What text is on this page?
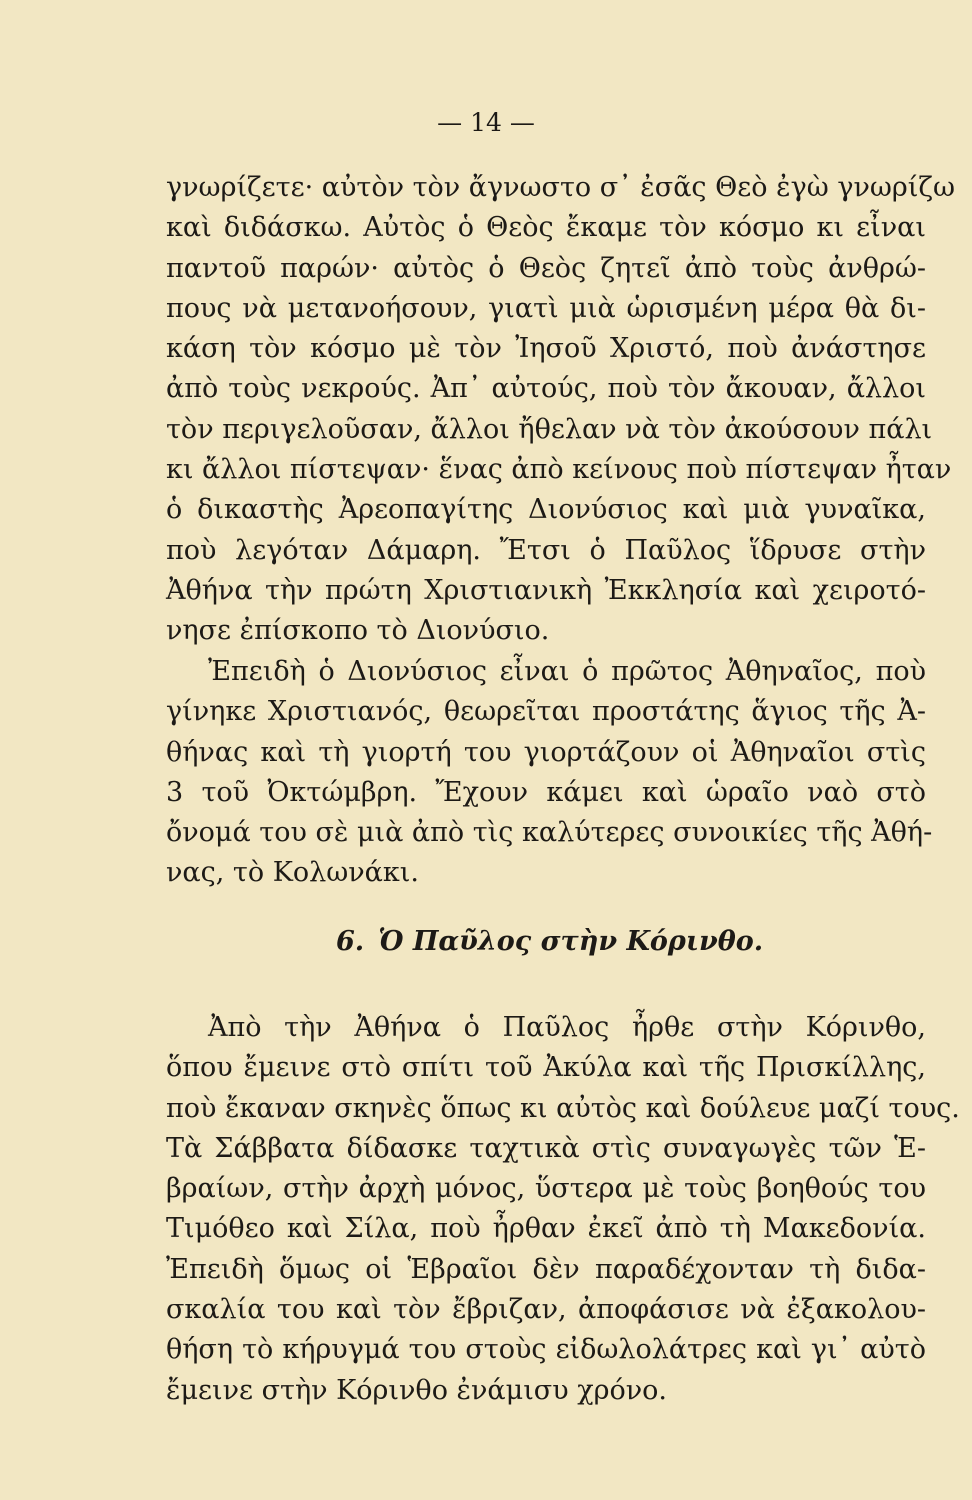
— 14 —
γνωρίζετε· αὐτὸν τὸν ἄγνωστο σ᾽ ἐσᾶς Θεὸ ἐγὼ γνωρίζω
καὶ διδάσκω. Αὐτὸς ὁ Θεὸς ἔκαμε τὸν κόσμο κι εἶναι
παντοῦ παρών· αὐτὸς ὁ Θεὸς ζητεῖ ἀπὸ τοὺς ἀνθρώ-
πους νὰ μετανοήσουν, γιατὶ μιὰ ὡρισμένη μέρα θὰ δι-
κάση τὸν κόσμο μὲ τὸν Ἰησοῦ Χριστό, ποὺ ἀνάστησε
ἀπὸ τοὺς νεκρούς. Ἀπ᾽ αὐτούς, ποὺ τὸν ἄκουαν, ἄλλοι
τὸν περιγελοῦσαν, ἄλλοι ἤθελαν νὰ τὸν ἀκούσουν πάλι
κι ἄλλοι πίστεψαν· ἕνας ἀπὸ κείνους ποὺ πίστεψαν ἦταν
ὁ δικαστὴς Ἀρεοπαγίτης Διονύσιος καὶ μιὰ γυναῖκα,
ποὺ λεγόταν Δάμαρη. Ἔτσι ὁ Παῦλος ἵδρυσε στὴν
Ἀθήνα τὴν πρώτη Χριστιανικὴ Ἐκκλησία καὶ χειροτό-
νησε ἐπίσκοπο τὸ Διονύσιο.
Ἐπειδὴ ὁ Διονύσιος εἶναι ὁ πρῶτος Ἀθηναῖος, ποὺ
γίνηκε Χριστιανός, θεωρεῖται προστάτης ἅγιος τῆς Ἀ-
θήνας καὶ τὴ γιορτή του γιορτάζουν οἱ Ἀθηναῖοι στὶς
3 τοῦ Ὀκτώμβρη. Ἔχουν κάμει καὶ ὡραῖο ναὸ στὸ
ὄνομά του σὲ μιὰ ἀπὸ τὶς καλύτερες συνοικίες τῆς Ἀθή-
νας, τὸ Κολωνάκι.
6. Ὁ Παῦλος στὴν Κόρινθο.
Ἀπὸ τὴν Ἀθήνα ὁ Παῦλος ἦρθε στὴν Κόρινθο,
ὅπου ἔμεινε στὸ σπίτι τοῦ Ἀκύλα καὶ τῆς Πρισκίλλης,
ποὺ ἔκαναν σκηνὲς ὅπως κι αὐτὸς καὶ δούλευε μαζί τους.
Τὰ Σάββατα δίδασκε ταχτικὰ στὶς συναγωγὲς τῶν Ἑ-
βραίων, στὴν ἀρχὴ μόνος, ὕστερα μὲ τοὺς βοηθούς του
Τιμόθεο καὶ Σίλα, ποὺ ἦρθαν ἐκεῖ ἀπὸ τὴ Μακεδονία.
Ἐπειδὴ ὅμως οἱ Ἑβραῖοι δὲν παραδέχονταν τὴ διδα-
σκαλία του καὶ τὸν ἔβριζαν, ἀποφάσισε νὰ ἐξακολου-
θήση τὸ κήρυγμά του στοὺς εἰδωλολάτρες καὶ γι᾽ αὐτὸ
ἔμεινε στὴν Κόρινθο ἐνάμισυ χρόνο.
